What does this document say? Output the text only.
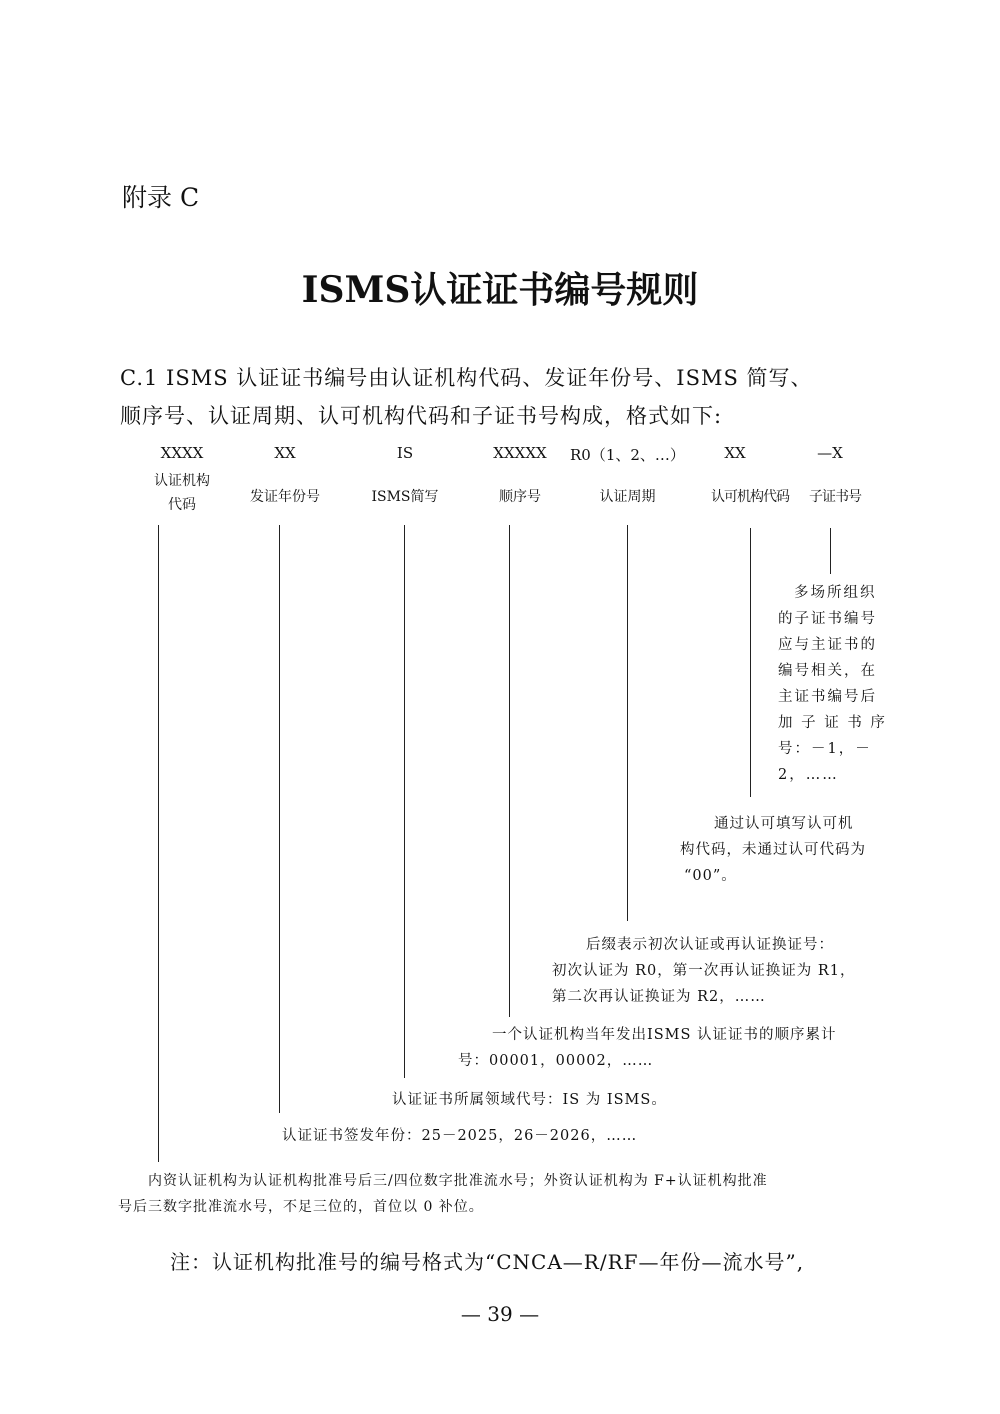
附录 C
ISMS认证证书编号规则
C.1 ISMS 认证证书编号由认证机构代码、发证年份号、ISMS 简写、
顺序号、认证周期、认可机构代码和子证书号构成，格式如下:
XXXX	XX	IS	XXXXX	R0（1、2、…）	XX	—X
认证机构
代码	发证年份号	ISMS简写	顺序号	认证周期	认可机构代码	子证书号
多场所组织
的子证书编号
应与主证书的
编号相关，在
主证书编号后
加 子 证 书 序
号：－1，－
2，……
通过认可填写认可机
构代码，未通过认可代码为
“00”。
后缀表示初次认证或再认证换证号：
初次认证为 R0，第一次再认证换证为 R1，
第二次再认证换证为 R2，……
一个认证机构当年发出ISMS 认证证书的顺序累计
号：00001，00002，……
认证证书所属领域代号：IS 为 ISMS。
认证证书签发年份：25－2025，26－2026，……
内资认证机构为认证机构批准号后三/四位数字批准流水号；外资认证机构为 F+认证机构批准
号后三数字批准流水号，不足三位的，首位以 0 补位。
注：认证机构批准号的编号格式为“CNCA—R/RF—年份—流水号”,
— 39 —
